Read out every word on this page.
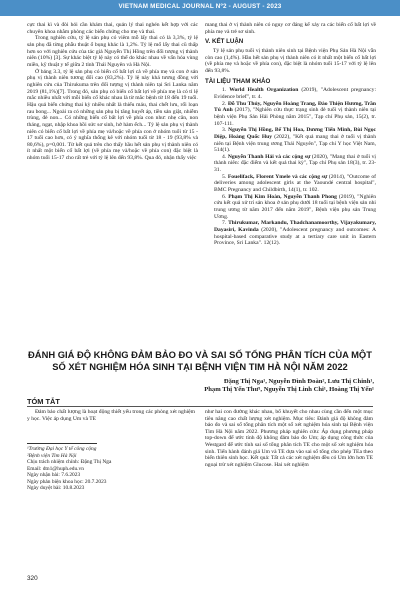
VIETNAM MEDICAL JOURNAL Nº2 - AUGUST - 2023

cực thai kì và đòi hỏi cần khám thai, quản lý thai nghén kết hợp với các chuyên khoa nhằm phòng các biến chứng cho mẹ và thai.

Trong nghiên cứu, tỷ lệ sản phụ có viêm mỗ lấy thai có là 3,3%, tỷ lệ sản phụ đã từng phẫu thuật ổ bụng khác là 1,2%. Tỷ lệ mổ lấy thai cũ thấp hơn so với nghiên cứu của tác giả Nguyễn Thị Hồng trên đối tượng vị thành niên (10%) [3]. Sự khác biệt tỷ lệ này có thể do khác nhau về vấn hóa vùng miền, kỹ thuật y tế giữa 2 tỉnh Thái Nguyên và Hà Nội.

Ở bảng 3.3, tỷ lệ sản phụ có biến cố bất lợi cả về phía mẹ và con ở sản phụ vị thành niên tương đối cao (83,2%). Tỷ lệ này khá tương đồng với nghiên cứu của Thirukuma trên đối tượng vị thành niên tại Sri Lanka năm 2019 (81,1%)[7]. Trong đó, sản phụ có biến cố bất lợi về phía mẹ là có tỉ lệ mắc nhiều nhất với mỗi biến cố khác nhau là từ mắc bệnh từ 18 đến 19 tuổi. Hậu quả biến chứng thai kỳ nhiều nhất là thiếu máu, thai chết lưu, rối loạn rau bong... Ngoài ra có những sản phụ bị tăng huyết áp, tiền sản giật, nhiễm trùng, đẻ non... Có những biến cố bất lợi về phía con như: nhẹ cân, non tháng, ngạt, nhập khoa hồi sức sơ sinh, hở hàm ếch... Tỷ lệ sản phụ vị thành niên có biến cố bất lợi về phía mẹ và/hoặc về phía con ở nhóm tuổi từ 15 - 17 tuổi cao hơn, có ý nghĩa thống kê với nhóm tuổi từ 18 - 19 (93,8% và 80,6%), p=0,001. Từ kết quả trên cho thấy hầu hết sản phụ vị thành niên có ít nhất một biến cố bất lợi (về phía mẹ và/hoặc về phía con) đặc biệt là nhóm tuổi 15-17 cho rất trẻ với tỷ lệ lên đến 93,8%. Qua đó, nhận thấy việc

mang thai ở vị thành niên có nguy cơ đáng kể xảy ra các biến cố bất lợi về phía mẹ và trẻ sơ sinh.

V. KẾT LUẬN

Tỷ lệ sản phụ tuổi vị thành niên sinh tại Bệnh viện Phụ Sản Hà Nội vẫn còn cao (1,4%). Hầu hết sản phụ vị thành niên có ít nhất một biến cố bất lợi (về phía mẹ và hoặc về phía con), đặc biệt là nhóm tuổi 15-17 với tỷ lệ lên đến 93,8%.

TÀI LIỆU THAM KHẢO

1. World Health Organization (2019), "Adolescent pregnancy: Evidence brief", tr. 4.

2. Đỗ Thu Thủy, Nguyễn Hoàng Trang, Đào Thiện Hương, Trần Tú Anh (2017), "Nghiên cứu thực trạng sinh đẻ tuổi vị thành niên tại bệnh viện Phụ Sản Hải Phòng năm 2015", Tạp chí Phụ sản, 15(2), tr. 107-111.

3. Nguyễn Thị Hồng, Bế Thị Hoa, Dương Tiến Minh, Bùi Ngọc Diệp, Hoàng Quốc Huy (2022), "Kết quả mang thai ở tuổi vị thành niên tại Bệnh viện trung ương Thái Nguyên", Tạp chí Y học Việt Nam, 514(1).

4. Nguyễn Thanh Hải và các cộng sự (2020), "Mang thai ở tuổi vị thành niên: đặc điểm và kết quả thai kỳ", Tạp chí Phụ sản 18(3), tr. 23-31.

5. Fouelifack, Florent Ymele và các cộng sự (2014), "Outcome of deliveries among adolescent girls at the Yaoundé central hospital", BMC Pregnancy and Childbirth, 14(1), tr. 102.

6. Phạm Thị Kim Hoàn, Nguyễn Thanh Phong (2019), "Nghiên cứu kết quả xử trí sản khoa ở sản phụ dưới 18 tuổi tại bệnh viện sản nhi trung ương từ năm 2017 đến năm 2019", Bệnh viện phụ sản Trung Ương.

7. Thirukumar, Markandu, Thadchanamoorthy, Vijayakumary, Dayasiri, Kavinda (2020), "Adolescent pregnancy and outcomes: A hospital-based comparative study at a tertiary care unit in Eastern Province, Sri Lanka". 12(12).

ĐÁNH GIÁ ĐỘ KHÔNG ĐẢM BẢO ĐO VÀ SAI SỐ TỔNG PHÂN TÍCH CỦA MỘT SỐ XÉT NGHIỆM HÓA SINH TẠI BỆNH VIỆN TIM HÀ NỘI NĂM 2022
Đặng Thị Nga¹, Nguyễn Đình Đoàn², Lưu Thị Chinh¹,
Phạm Thị Yến Thư¹, Nguyễn Thị Linh Chi¹, Hoàng Thị Yến¹
TÓM TẮT

Đảm bảo chất lượng là hoạt động thiết yếu trong các phòng xét nghiệm y học. Việc áp dụng Um và TE

¹Trường Đại học Y tế công cộng

²Bệnh viện Tim Hà Nội

Chịu trách nhiệm chính: Đặng Thị Nga

Email: dtn1@huph.edu.vn

Ngày nhận bài: 7.6.2023

Ngày phản biện khoa học: 20.7.2023

Ngày duyệt bài: 10.8.2023

như hai con đường khác nhau, bổ khuyết cho nhau cùng cần đến một mục tiêu nâng cao chất lượng xét nghiệm. Mục tiêu: Đánh giá độ không đảm bảo đo và sai số tổng phân tích một số xét nghiệm hóa sinh tại Bệnh viện Tim Hà Nội năm 2022. Phương pháp nghiên cứu: Áp dụng phương pháp top-down để ước tính độ không đảm bảo đo Um; áp dụng công thức của Westgard để ước tính sai số tổng phân tích TE cho một số xét nghiệm hóa sinh. Tiến hành đánh giá Um và TE dựa vào sai số tổng cho phép TEa theo biến thiên sinh học. Kết quả: Tất cả các xét nghiệm đều có Um lớn hơn TE ngoại trừ xét nghiệm Glucose. Hai xét nghiệm

320
